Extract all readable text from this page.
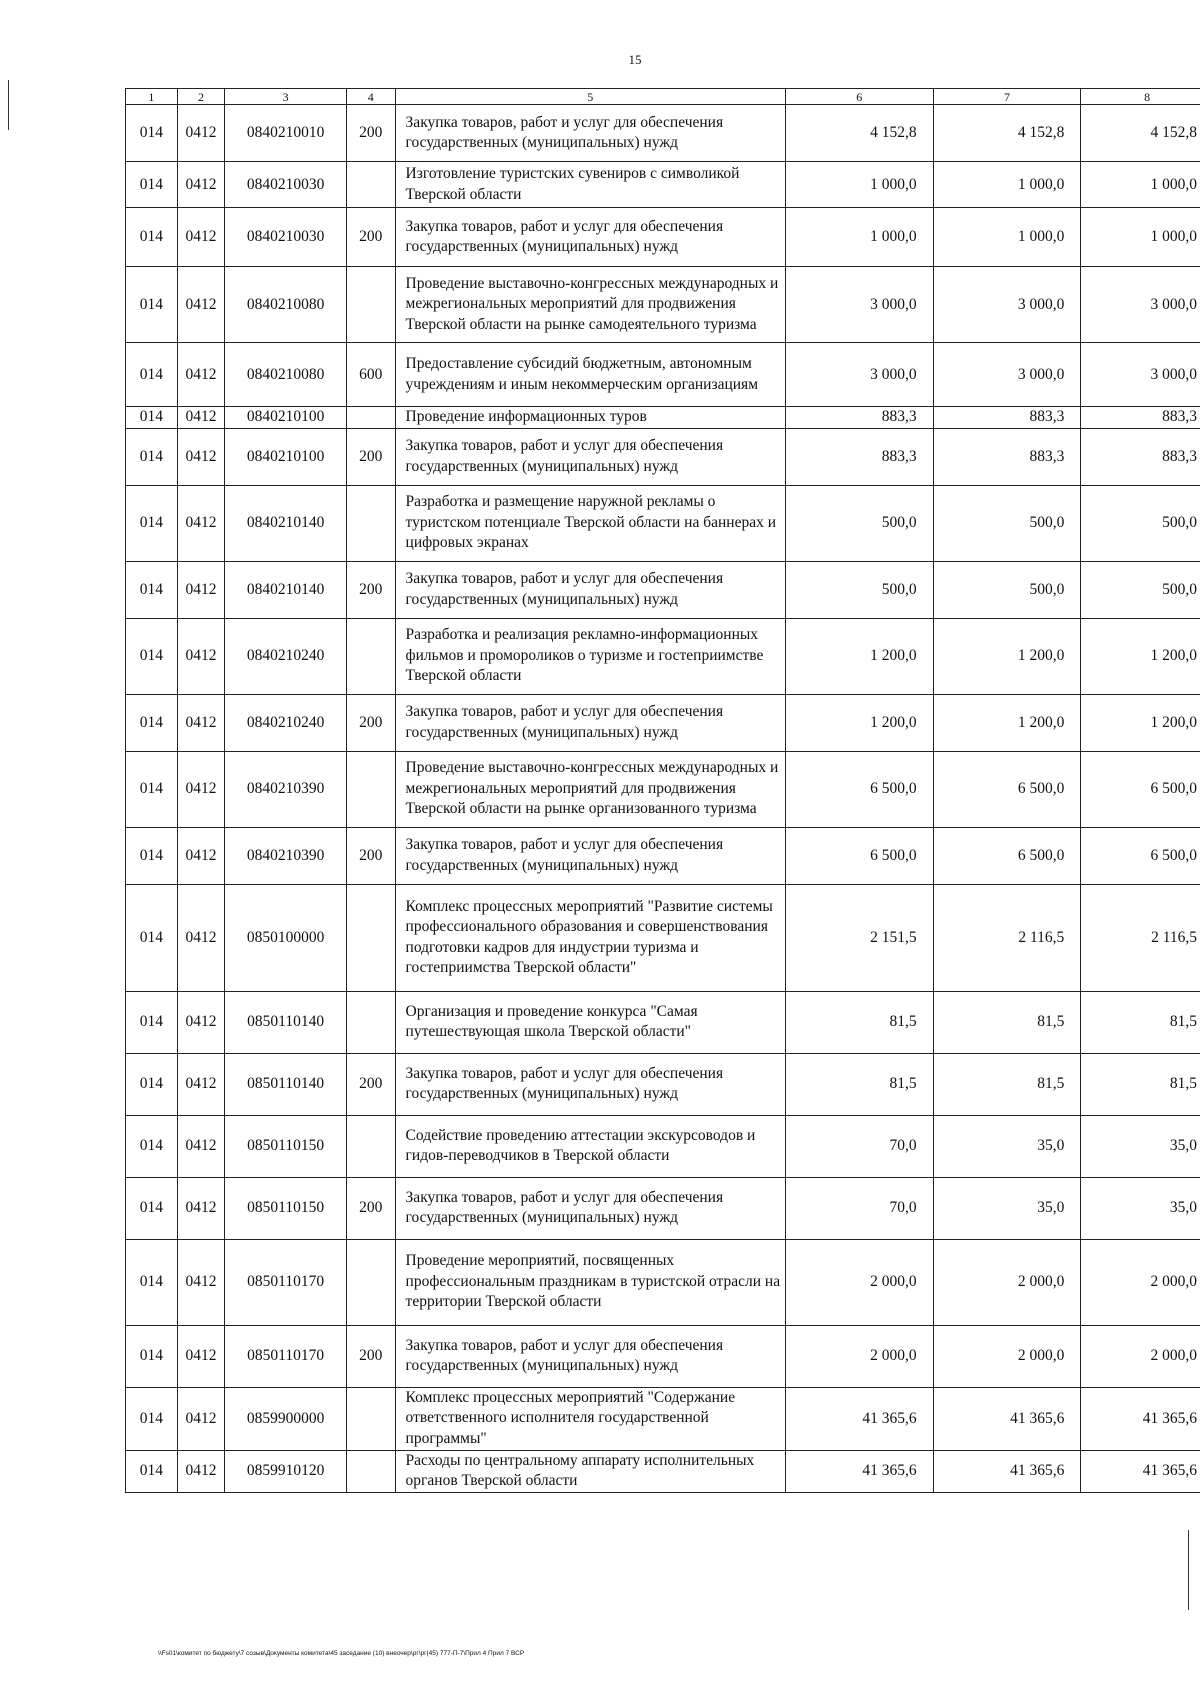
15
1	2	3	4	5	6	7	8
014	0412	0840210010	200	Закупка товаров, работ и услуг для обеспечения государственных (муниципальных) нужд	4 152,8	4 152,8	4 152,8
014	0412	0840210030		Изготовление туристских сувениров с символикой Тверской области	1 000,0	1 000,0	1 000,0
014	0412	0840210030	200	Закупка товаров, работ и услуг для обеспечения государственных (муниципальных) нужд	1 000,0	1 000,0	1 000,0
014	0412	0840210080		Проведение выставочно-конгрессных международных и межрегиональных мероприятий для продвижения Тверской области на рынке самодеятельного туризма	3 000,0	3 000,0	3 000,0
014	0412	0840210080	600	Предоставление субсидий бюджетным, автономным учреждениям и иным некоммерческим организациям	3 000,0	3 000,0	3 000,0
014	0412	0840210100		Проведение информационных туров	883,3	883,3	883,3
014	0412	0840210100	200	Закупка товаров, работ и услуг для обеспечения государственных (муниципальных) нужд	883,3	883,3	883,3
014	0412	0840210140		Разработка и размещение наружной рекламы о туристском потенциале Тверской области на баннерах и цифровых экранах	500,0	500,0	500,0
014	0412	0840210140	200	Закупка товаров, работ и услуг для обеспечения государственных (муниципальных) нужд	500,0	500,0	500,0
014	0412	0840210240		Разработка и реализация рекламно-информационных фильмов и проморoликов о туризме и гостеприимстве Тверской области	1 200,0	1 200,0	1 200,0
014	0412	0840210240	200	Закупка товаров, работ и услуг для обеспечения государственных (муниципальных) нужд	1 200,0	1 200,0	1 200,0
014	0412	0840210390		Проведение выставочно-конгрессных международных и межрегиональных мероприятий для продвижения Тверской области на рынке организованного туризма	6 500,0	6 500,0	6 500,0
014	0412	0840210390	200	Закупка товаров, работ и услуг для обеспечения государственных (муниципальных) нужд	6 500,0	6 500,0	6 500,0
014	0412	0850100000		Комплекс процессных мероприятий "Развитие системы профессионального образования и совершенствования подготовки кадров для индустрии туризма и гостеприимства Тверской области"	2 151,5	2 116,5	2 116,5
014	0412	0850110140		Организация и проведение конкурса "Самая путешествующая школа Тверской области"	81,5	81,5	81,5
014	0412	0850110140	200	Закупка товаров, работ и услуг для обеспечения государственных (муниципальных) нужд	81,5	81,5	81,5
014	0412	0850110150		Содействие проведению аттестации экскурсоводов и гидов-переводчиков в Тверской области	70,0	35,0	35,0
014	0412	0850110150	200	Закупка товаров, работ и услуг для обеспечения государственных (муниципальных) нужд	70,0	35,0	35,0
014	0412	0850110170		Проведение мероприятий, посвященных профессиональным праздникам в туристской отрасли на территории Тверской области	2 000,0	2 000,0	2 000,0
014	0412	0850110170	200	Закупка товаров, работ и услуг для обеспечения государственных (муниципальных) нужд	2 000,0	2 000,0	2 000,0
014	0412	0859900000		Комплекс процессных мероприятий "Содержание ответственного исполнителя государственной программы"	41 365,6	41 365,6	41 365,6
014	0412	0859910120		Расходы по центральному аппарату исполнительных органов Тверской области	41 365,6	41 365,6	41 365,6
\\Fs01\комитет по бюджету\7 созыв\Документы комитета\45 заседание (10) внеочер\рг\рг(45) 777-П-7\Прил 4 Прил 7 ВСР
